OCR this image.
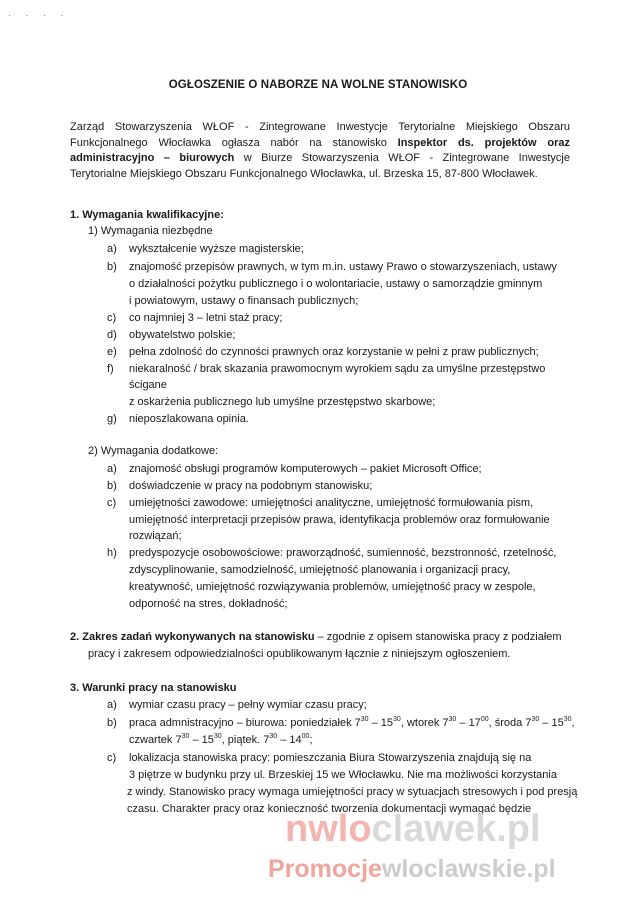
· · · ·
OGŁOSZENIE O NABORZE NA WOLNE STANOWISKO
Zarząd Stowarzyszenia WŁOF - Zintegrowane Inwestycje Terytorialne Miejskiego Obszaru Funkcjonalnego Włocławka ogłasza nabór na stanowisko Inspektor ds. projektów oraz administracyjno – biurowych w Biurze Stowarzyszenia WŁOF - Zintegrowane Inwestycje Terytorialne Miejskiego Obszaru Funkcjonalnego Włocławka, ul. Brzeska 15, 87-800 Włocławek.
1. Wymagania kwalifikacyjne:
1) Wymagania niezbędne
a) wykształcenie wyższe magisterskie;
b) znajomość przepisów prawnych, w tym m.in. ustawy Prawo o stowarzyszeniach, ustawy
o działalności pożytku publicznego i o wolontariacie, ustawy o samorządzie gminnym
i powiatowym, ustawy o finansach publicznych;
c) co najmniej 3 – letni staż pracy;
d) obywatelstwo polskie;
e) pełna zdolność do czynności prawnych oraz korzystanie w pełni z praw publicznych;
f) niekaralność / brak skazania prawomocnym wyrokiem sądu za umyślne przestępstwo
ścigane
z oskarżenia publicznego lub umyślne przestępstwo skarbowe;
g) nieposzlakowana opinia.
2) Wymagania dodatkowe:
a) znajomość obsługi programów komputerowych – pakiet Microsoft Office;
b) doświadczenie w pracy na podobnym stanowisku;
c) umiejętności zawodowe: umiejętności analityczne, umiejętność formułowania pism,
umiejętność interpretacji przepisów prawa, identyfikacja problemów oraz formułowanie
rozwiązań;
h) predyspozycje osobowościowe: praworządność, sumienność, bezstronność, rzetelność,
zdyscyplinowanie, samodzielność, umiejętność planowania i organizacji pracy,
kreatywność, umiejętność rozwiązywania problemów, umiejętność pracy w zespole,
odporność na stres, dokładność;
2. Zakres zadań wykonywanych na stanowisku – zgodnie z opisem stanowiska pracy z podziałem
pracy i zakresem odpowiedzialności opublikowanym łącznie z niniejszym ogłoszeniem.
3. Warunki pracy na stanowisku
a) wymiar czasu pracy – pełny wymiar czasu pracy;
b) praca admnistracyjno – biurowa: poniedziałek $7^{30} - 15^{30}$, wtorek $7^{30} - 17^{00}$, środa $7^{30} - 15^{30}$,
czwartek $7^{30} - 15^{30}$, piątek. $7^{30} - 14^{00}$;
c) lokalizacja stanowiska pracy: pomieszczania Biura Stowarzyszenia znajdują się na
3 piętrze w budynku przy ul. Brzeskiej 15 we Włocławku. Nie ma możliwości korzystania
z windy. Stanowisko pracy wymaga umiejętności pracy w sytuacjach stresowych i pod presją
czasu. Charakter pracy oraz konieczność tworzenia dokumentacji wymagać będzie
nwloclawek.pl
Promocjewloclawskie.pl
